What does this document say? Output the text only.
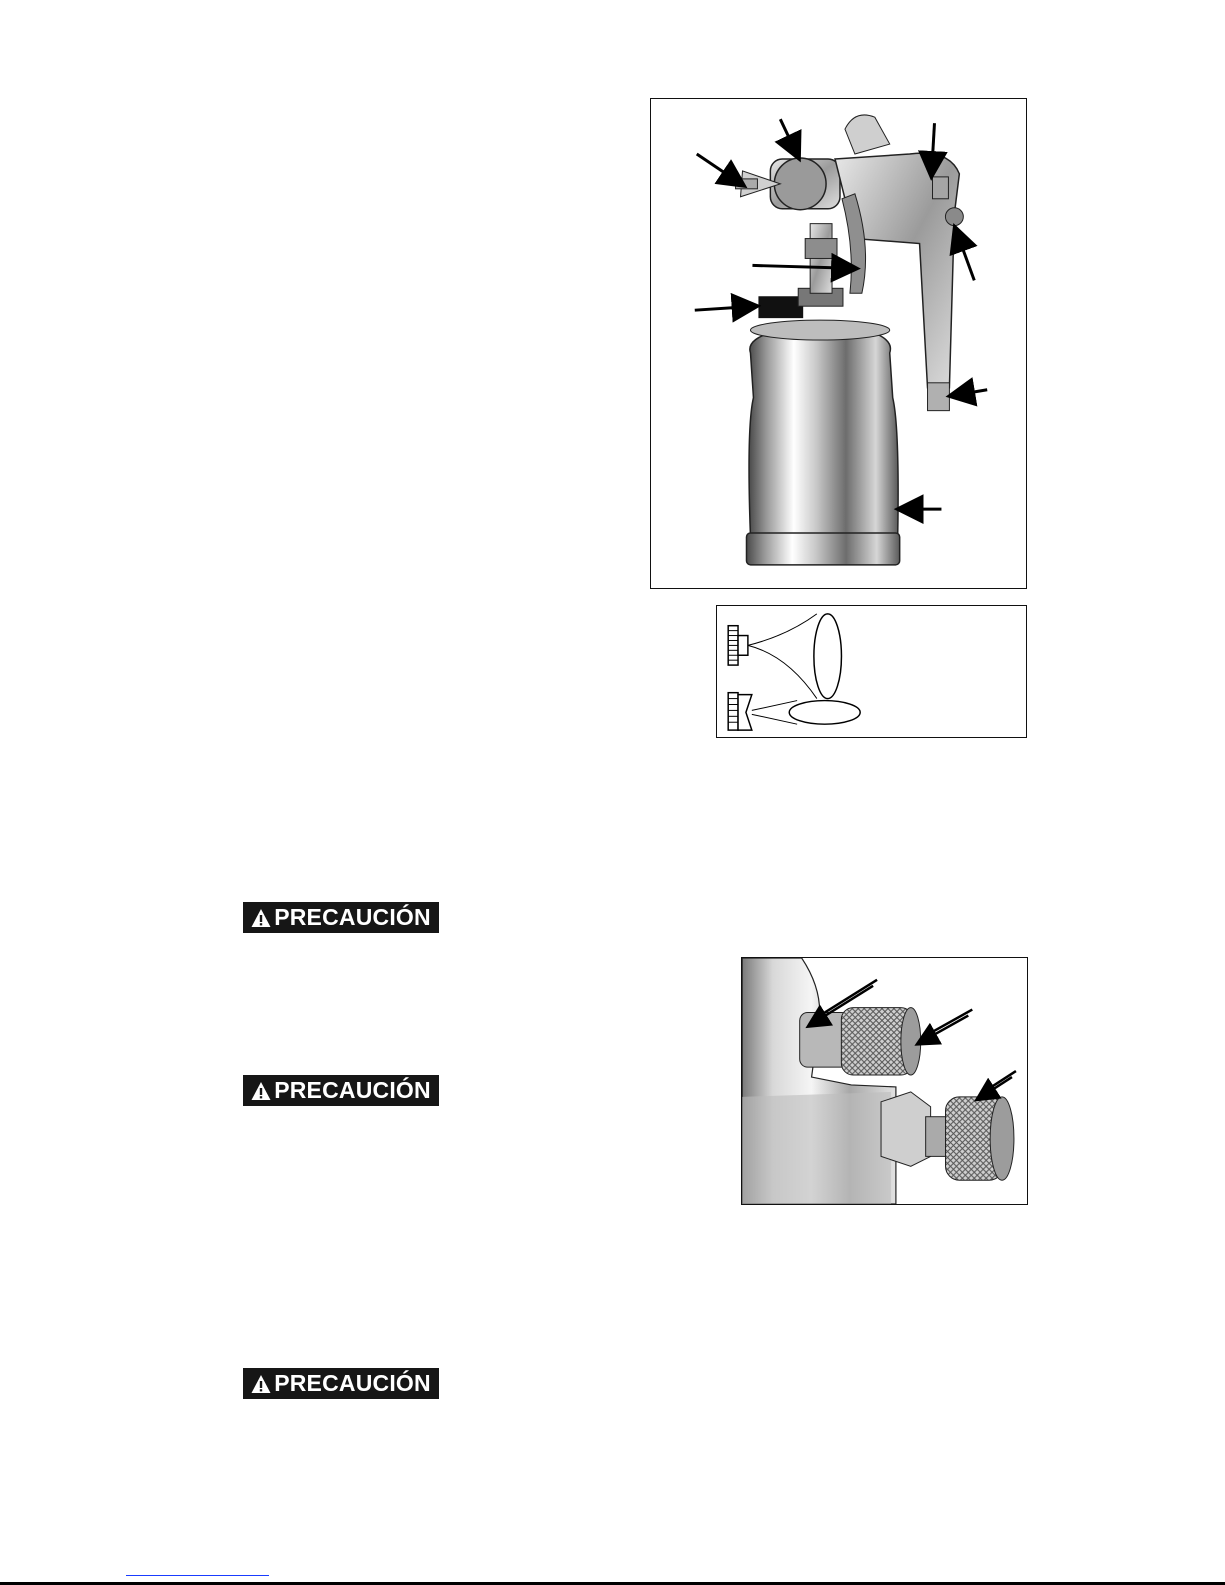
PRECAUCIÓN
PRECAUCIÓN
PRECAUCIÓN
